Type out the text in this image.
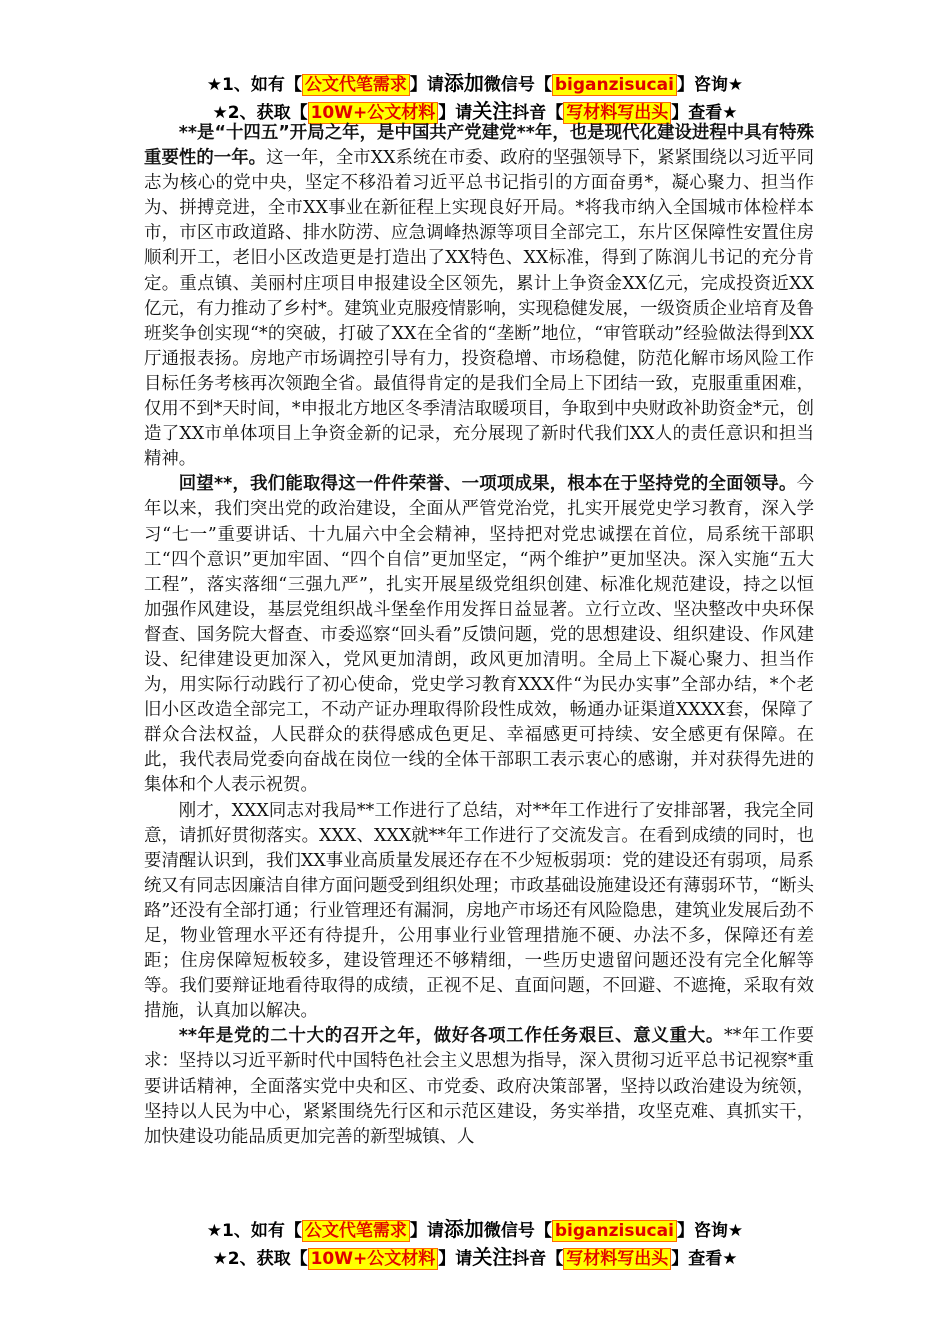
★1、如有【 公文代笔需求 】请添加微信号【 biganzisucai 】咨询★
★2、获取【 10W+公文材料 】请关注抖音【 写材料写出头 】查看★

**是“十四五”开局之年，是中国共产党建党**年，也是现代化建设进程中具有特殊重要性的一年。这一年，全市XX系统在市委、政府的坚强领导下，紧紧围绕以习近平同志为核心的党中央，坚定不移沿着习近平总书记指引的方面奋勇*，凝心聚力、担当作为、拼搏竞进，全市XX事业在新征程上实现良好开局。*将我市纳入全国城市体检样本市，市区市政道路、排水防涝、应急调峰热源等项目全部完工，东片区保障性安置住房顺利开工，老旧小区改造更是打造出了XX特色、XX标准，得到了陈润儿书记的充分肯定。重点镇、美丽村庄项目申报建设全区领先，累计上争资金XX亿元，完成投资近XX亿元，有力推动了乡村*。建筑业克服疫情影响，实现稳健发展，一级资质企业培育及鲁班奖争创实现“*的突破，打破了XX在全省的“垄断”地位，“审管联动”经验做法得到XX厅通报表扬。房地产市场调控引导有力，投资稳增、市场稳健，防范化解市场风险工作目标任务考核再次领跑全省。最值得肯定的是我们全局上下团结一致，克服重重困难，仅用不到*天时间，*申报北方地区冬季清洁取暖项目，争取到中央财政补助资金*元，创造了XX市单体项目上争资金新的记录，充分展现了新时代我们XX人的责任意识和担当精神。

回望**，我们能取得这一件件荣誉、一项项成果，根本在于坚持党的全面领导。今年以来，我们突出党的政治建设，全面从严管党治党，扎实开展党史学习教育，深入学习“七一”重要讲话、十九届六中全会精神，坚持把对党忠诚摆在首位，局系统干部职工“四个意识”更加牢固、“四个自信”更加坚定，“两个维护”更加坚决。深入实施“五大工程”，落实落细“三强九严”，扎实开展星级党组织创建、标准化规范建设，持之以恒加强作风建设，基层党组织战斗堡垒作用发挥日益显著。立行立改、坚决整改中央环保督查、国务院大督查、市委巡察“回头看”反馈问题，党的思想建设、组织建设、作风建设、纪律建设更加深入，党风更加清朗，政风更加清明。全局上下凝心聚力、担当作为，用实际行动践行了初心使命，党史学习教育XXX件“为民办实事”全部办结，*个老旧小区改造全部完工，不动产证办理取得阶段性成效，畅通办证渠道XXXX套，保障了群众合法权益，人民群众的获得感成色更足、幸福感更可持续、安全感更有保障。在此，我代表局党委向奋战在岗位一线的全体干部职工表示衷心的感谢，并对获得先进的集体和个人表示祝贺。

刚才，XXX同志对我局**工作进行了总结，对**年工作进行了安排部署，我完全同意，请抓好贯彻落实。XXX、XXX就**年工作进行了交流发言。在看到成绩的同时，也要清醒认识到，我们XX事业高质量发展还存在不少短板弱项：党的建设还有弱项，局系统又有同志因廉洁自律方面问题受到组织处理；市政基础设施建设还有薄弱环节，“断头路”还没有全部打通；行业管理还有漏洞，房地产市场还有风险隐患，建筑业发展后劲不足，物业管理水平还有待提升，公用事业行业管理措施不硬、办法不多，保障还有差距；住房保障短板较多，建设管理还不够精细，一些历史遗留问题还没有完全化解等等。我们要辩证地看待取得的成绩，正视不足、直面问题，不回避、不遮掩，采取有效措施，认真加以解决。

**年是党的二十大的召开之年，做好各项工作任务艰巨、意义重大。**年工作要求：坚持以习近平新时代中国特色社会主义思想为指导，深入贯彻习近平总书记视察*重要讲话精神，全面落实党中央和区、市党委、政府决策部署，坚持以政治建设为统领，坚持以人民为中心，紧紧围绕先行区和示范区建设，务实举措，攻坚克难、真抓实干，加快建设功能品质更加完善的新型城镇、人

★1、如有【 公文代笔需求 】请添加微信号【 biganzisucai 】咨询★
★2、获取【 10W+公文材料 】请关注抖音【 写材料写出头 】查看★
